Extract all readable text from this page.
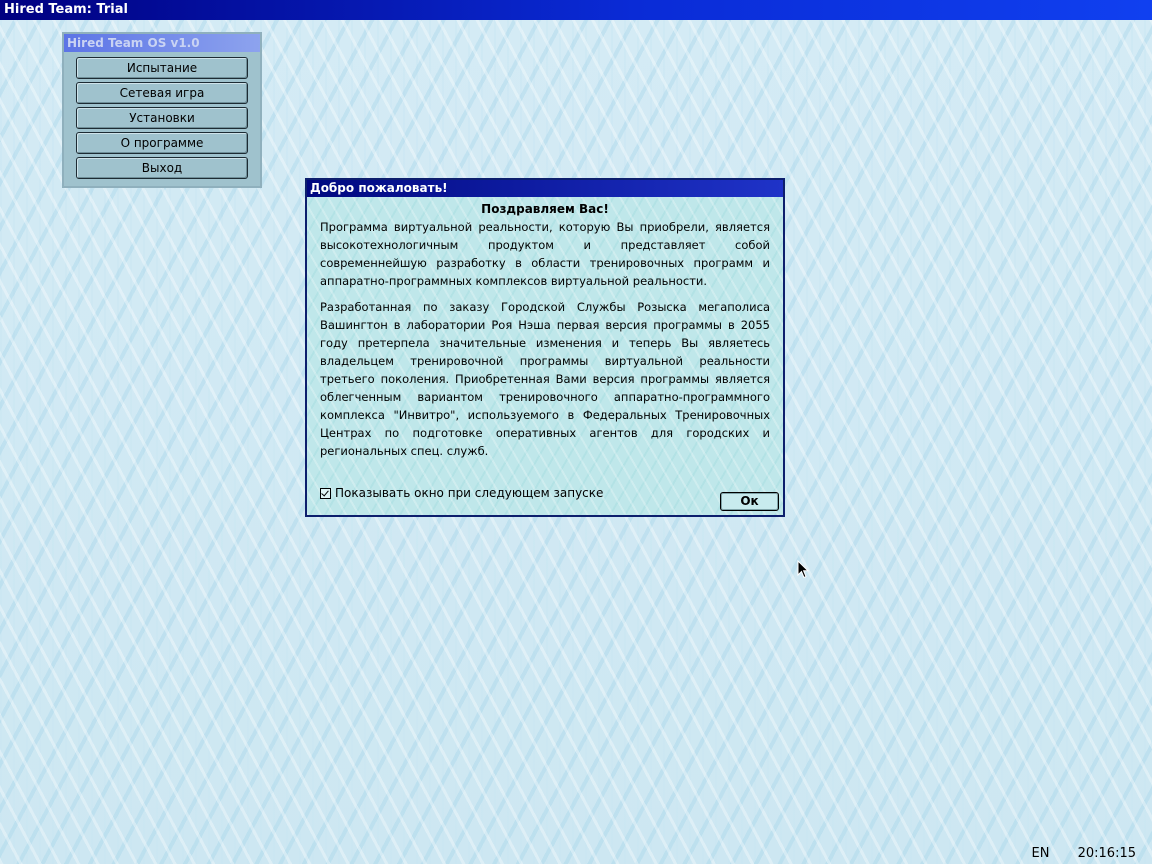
Hired Team: Trial
Hired Team OS v1.0
Испытание
Сетевая игра
Установки
О программе
Выход
Добро пожаловать!
Поздравляем Вас!

Программа виртуальной реальности, которую Вы приобрели, является высокотехнологичным продуктом и представляет собой современнейшую разработку в области тренировочных программ и аппаратно-программных комплексов виртуальной реальности.

Разработанная по заказу Городской Службы Розыска мегаполиса Вашингтон в лаборатории Роя Нэша первая версия программы в 2055 году претерпела значительные изменения и теперь Вы являетесь владельцем тренировочной программы виртуальной реальности третьего поколения. Приобретенная Вами версия программы является облегченным вариантом тренировочного аппаратно-программного комплекса "Инвитро", используемого в Федеральных Тренировочных Центрах по подготовке оперативных агентов для городских и региональных спец. служб.

Показывать окно при следующем запуске
Ок
EN 20:16:15
